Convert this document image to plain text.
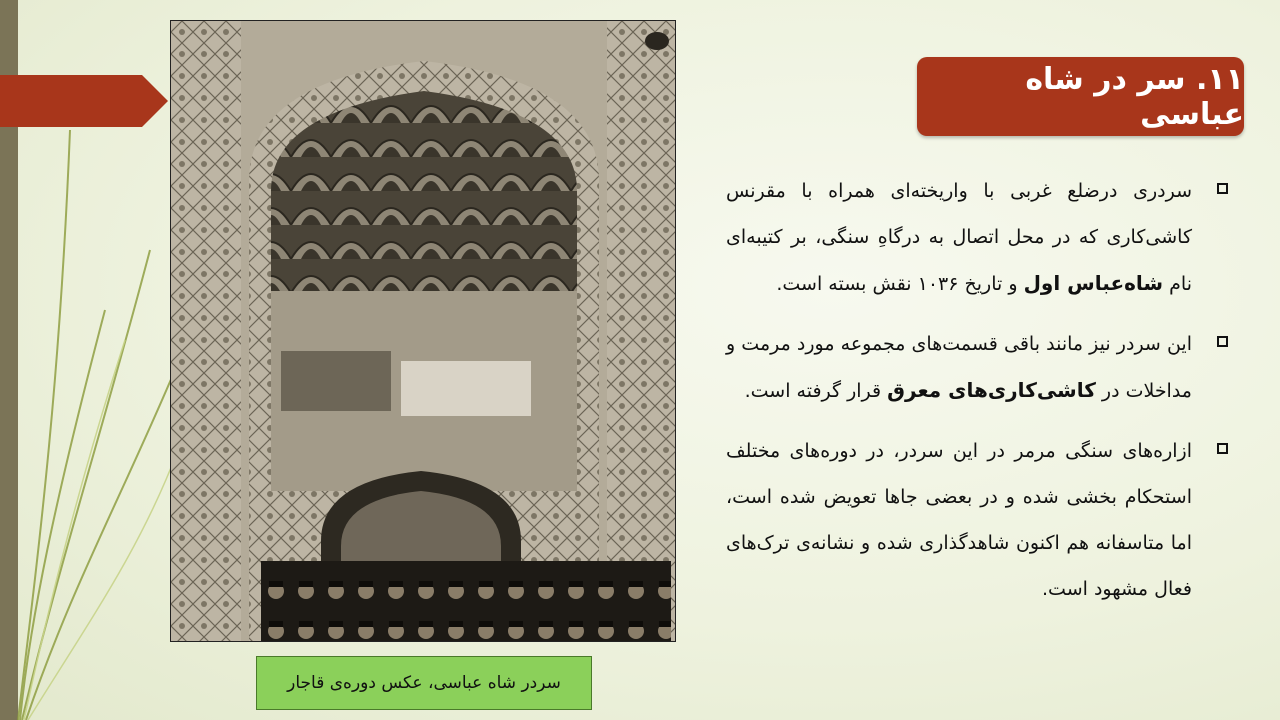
سردر شاه عباسی، عکس دوره‌ی قاجار
۱۱. سر در شاه عباسی
سردری درضلع غربی با واریخته‌ای همراه با مقرنس کاشی‌کاری که در محل اتصال به درگاهِ سنگی، بر کتیبه‌ای نام شاه‌عباس اول و تاریخ ۱۰۳۶ نقش بسته است.
این سردر نیز مانند باقی قسمت‌های مجموعه مورد مرمت و مداخلات در کاشی‌کاری‌های معرق قرار گرفته است.
ازاره‌های سنگی مرمر در این سردر، در دوره‌های مختلف استحکام بخشی شده و در بعضی جاها تعویض شده است، اما متاسفانه هم اکنون شاهدگذاری شده و نشانه‌ی ترک‌های فعال مشهود است.
